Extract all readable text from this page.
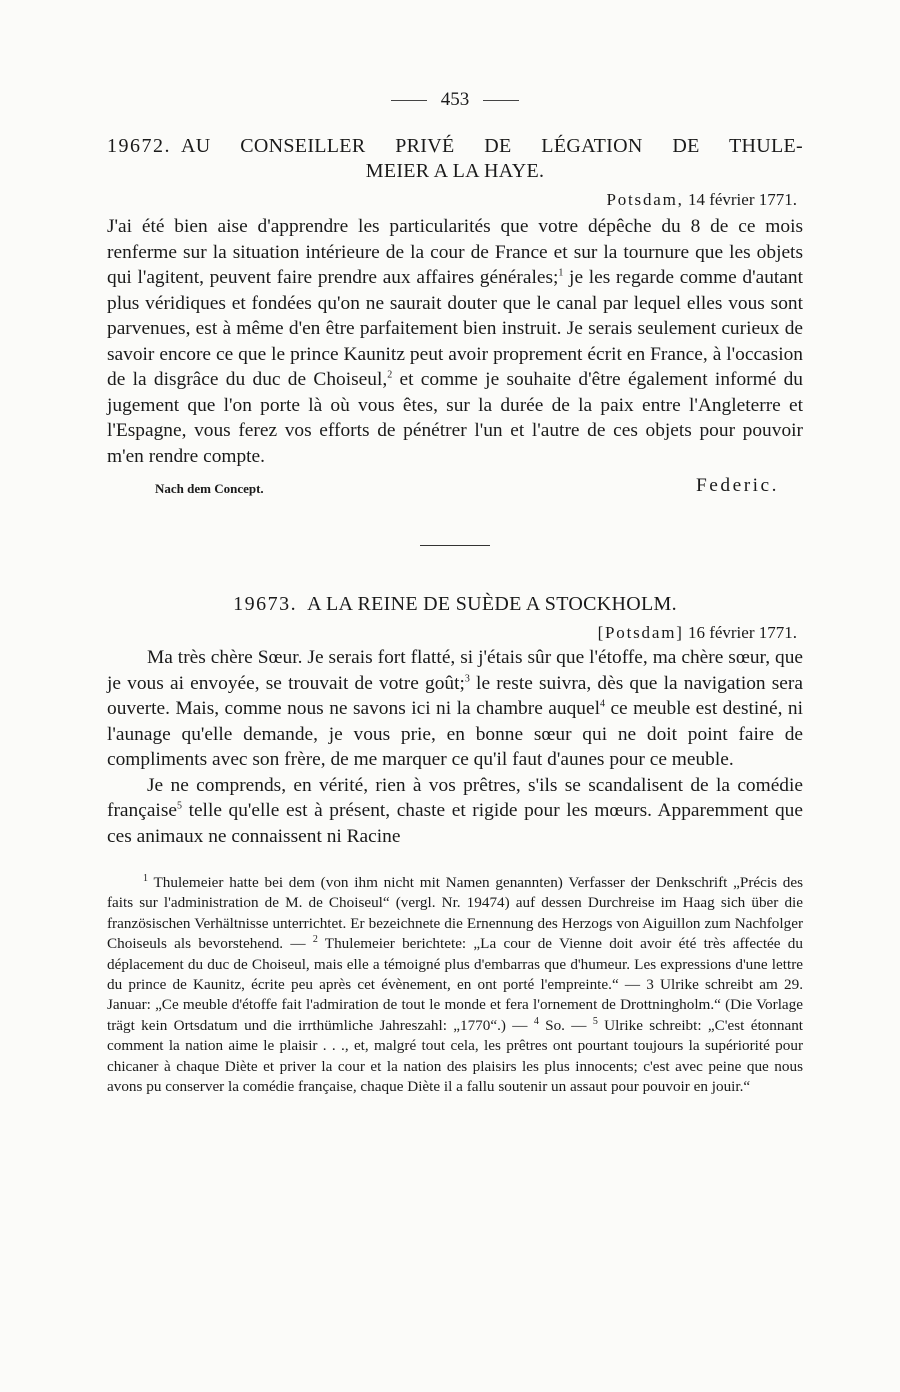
453
19672. AU CONSEILLER PRIVÉ DE LÉGATION DE THULE-
MEIER A LA HAYE.
Potsdam, 14 février 1771.

J'ai été bien aise d'apprendre les particularités que votre dépêche du 8 de ce mois renferme sur la situation intérieure de la cour de France et sur la tournure que les objets qui l'agitent, peuvent faire prendre aux affaires générales;$^1$ je les regarde comme d'autant plus véridiques et fondées qu'on ne saurait douter que le canal par lequel elles vous sont parvenues, est à même d'en être parfaitement bien instruit. Je serais seulement curieux de savoir encore ce que le prince Kaunitz peut avoir proprement écrit en France, à l'occasion de la disgrâce du duc de Choiseul,$^2$ et comme je souhaite d'être également informé du jugement que l'on porte là où vous êtes, sur la durée de la paix entre l'Angleterre et l'Espagne, vous ferez vos efforts de pénétrer l'un et l'autre de ces objets pour pouvoir m'en rendre compte.

Nach dem Concept.	Federic.
19673. A LA REINE DE SUÈDE A STOCKHOLM.
[Potsdam] 16 février 1771.

Ma très chère Sœur. Je serais fort flatté, si j'étais sûr que l'étoffe, ma chère sœur, que je vous ai envoyée, se trouvait de votre goût;$^3$ le reste suivra, dès que la navigation sera ouverte. Mais, comme nous ne savons ici ni la chambre auquel$^4$ ce meuble est destiné, ni l'aunage qu'elle demande, je vous prie, en bonne sœur qui ne doit point faire de compliments avec son frère, de me marquer ce qu'il faut d'aunes pour ce meuble.

Je ne comprends, en vérité, rien à vos prêtres, s'ils se scandalisent de la comédie française$^5$ telle qu'elle est à présent, chaste et rigide pour les mœurs. Apparemment que ces animaux ne connaissent ni Racine

$^1$ Thulemeier hatte bei dem (von ihm nicht mit Namen genannten) Verfasser der Denkschrift „Précis des faits sur l'administration de M. de Choiseul“ (vergl. Nr. 19474) auf dessen Durchreise im Haag sich über die französischen Verhältnisse unterrichtet. Er bezeichnete die Ernennung des Herzogs von Aiguillon zum Nachfolger Choiseuls als bevorstehend. — $^2$ Thulemeier berichtete: „La cour de Vienne doit avoir été très affectée du déplacement du duc de Choiseul, mais elle a témoigné plus d'embarras que d'humeur. Les expressions d'une lettre du prince de Kaunitz, écrite peu après cet évènement, en ont porté l'empreinte.“ — 3 Ulrike schreibt am 29. Januar: „Ce meuble d'étoffe fait l'admiration de tout le monde et fera l'ornement de Drottningholm.“ (Die Vorlage trägt kein Ortsdatum und die irrthümliche Jahreszahl: „1770“.) — $^4$ So. — $^5$ Ulrike schreibt: „C'est étonnant comment la nation aime le plaisir . . ., et, malgré tout cela, les prêtres ont pourtant toujours la supériorité pour chicaner à chaque Diète et priver la cour et la nation des plaisirs les plus innocents; c'est avec peine que nous avons pu conserver la comédie française, chaque Diète il a fallu soutenir un assaut pour pouvoir en jouir.“
